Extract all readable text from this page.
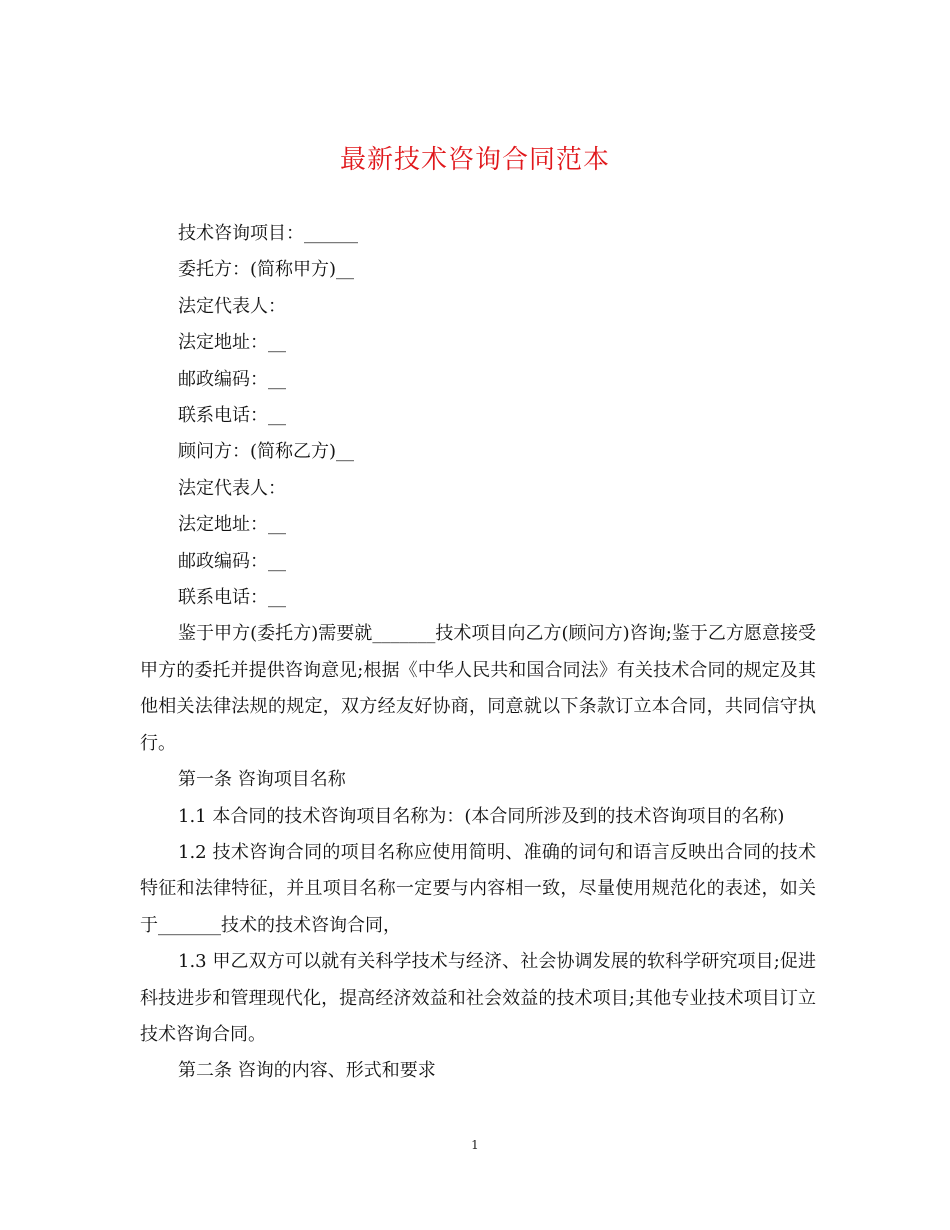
最新技术咨询合同范本
技术咨询项目：______
委托方：(简称甲方)__
法定代表人：
法定地址：__
邮政编码：__
联系电话：__
顾问方：(简称乙方)__
法定代表人：
法定地址：__
邮政编码：__
联系电话：__
鉴于甲方(委托方)需要就_______技术项目向乙方(顾问方)咨询;鉴于乙方愿意接受甲方的委托并提供咨询意见;根据《中华人民共和国合同法》有关技术合同的规定及其他相关法律法规的规定，双方经友好协商，同意就以下条款订立本合同，共同信守执行。
第一条 咨询项目名称
1.1 本合同的技术咨询项目名称为：(本合同所涉及到的技术咨询项目的名称)
1.2 技术咨询合同的项目名称应使用简明、准确的词句和语言反映出合同的技术特征和法律特征，并且项目名称一定要与内容相一致，尽量使用规范化的表述，如关于_______技术的技术咨询合同，
1.3 甲乙双方可以就有关科学技术与经济、社会协调发展的软科学研究项目;促进科技进步和管理现代化，提高经济效益和社会效益的技术项目;其他专业技术项目订立技术咨询合同。
第二条 咨询的内容、形式和要求
1
